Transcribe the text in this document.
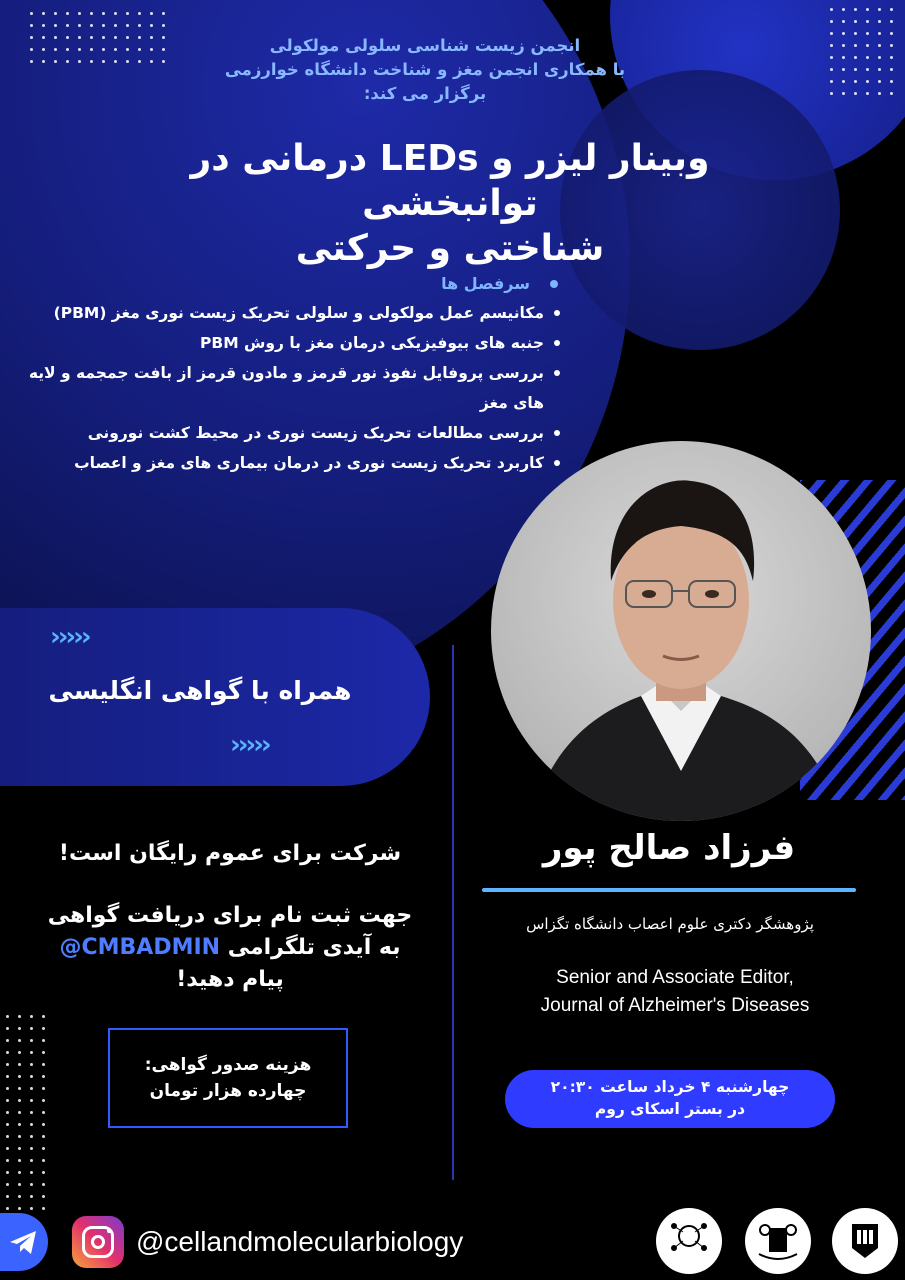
انجمن زیست شناسی سلولی مولکولی
با همکاری انجمن مغز و شناخت دانشگاه خوارزمی
برگزار می کند:
وبینار لیزر و LEDs درمانی در توانبخشی
شناختی و حرکتی
سرفصل ها
مکانیسم عمل مولکولی و سلولی تحریک زیست نوری مغز (PBM)
جنبه های بیوفیزیکی درمان مغز با روش PBM
بررسی پروفایل نفوذ نور قرمز و مادون قرمز از بافت جمجمه و لایه های مغز
بررسی مطالعات تحریک زیست نوری در محیط کشت نورونی
کاربرد تحریک زیست نوری در درمان بیماری های مغز و اعصاب
›››››
همراه با گواهی انگلیسی
›››››
فرزاد صالح پور
پژوهشگر دکتری علوم اعصاب دانشگاه تگزاس
Senior and Associate Editor,
Journal of Alzheimer's Diseases
چهارشنبه ۴ خرداد ساعت ۲۰:۳۰
در بستر اسکای روم
شرکت برای عموم رایگان است!
جهت ثبت نام برای دریافت گواهی
به آیدی تلگرامی @CMBADMIN
پیام دهید!
هزینه صدور گواهی:
چهارده هزار تومان
@cellandmolecularbiology
